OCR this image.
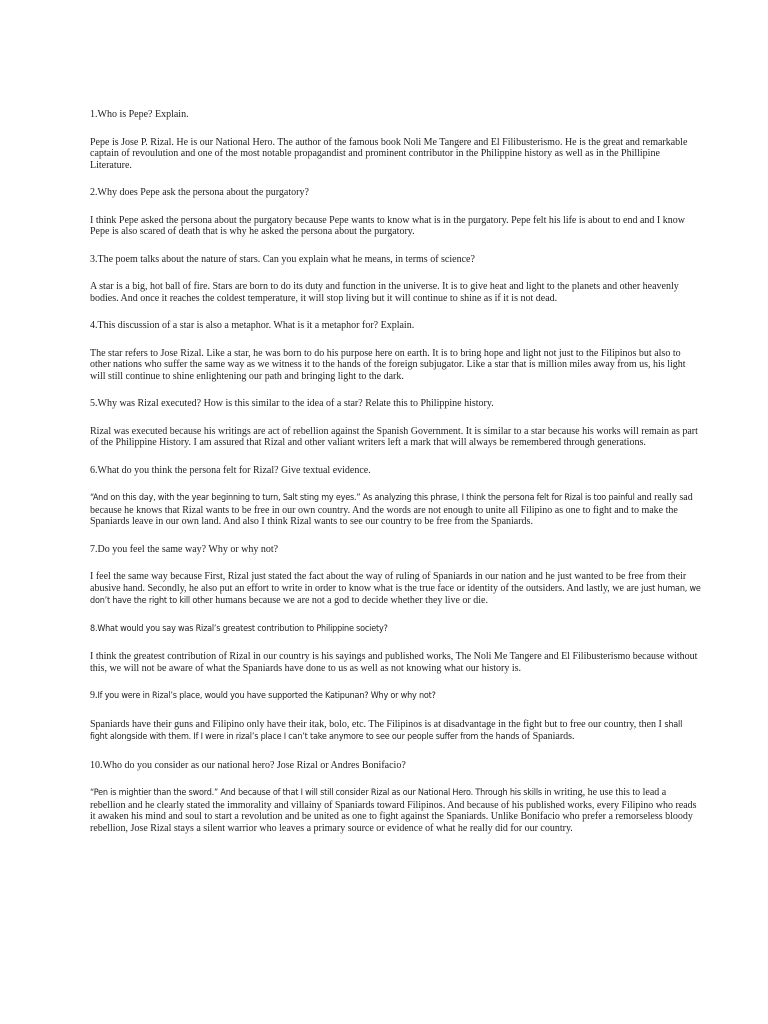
1.Who is Pepe? Explain.

Pepe is Jose P. Rizal. He is our National Hero. The author of the famous book Noli Me Tangere and El Filibusterismo. He is the great and remarkable captain of revoulution and one of the most notable propagandist and prominent contributor in the Philippine history as well as in the Phillipine Literature.

2.Why does Pepe ask the persona about the purgatory?

I think Pepe asked the persona about the purgatory because Pepe wants to know what is in the purgatory. Pepe felt his life is about to end and I know Pepe is also scared of death that is why he asked the persona about the purgatory.

3.The poem talks about the nature of stars. Can you explain what he means, in terms of science?

A star is a big, hot ball of fire. Stars are born to do its duty and function in the universe. It is to give heat and light to the planets and other heavenly bodies. And once it reaches the coldest temperature, it will stop living but it will continue to shine as if it is not dead.

4.This discussion of a star is also a metaphor. What is it a metaphor for? Explain.

The star refers to Jose Rizal. Like a star, he was born to do his purpose here on earth. It is to bring hope and light not just to the Filipinos but also to other nations who suffer the same way as we witness it to the hands of the foreign subjugator. Like a star that is million miles away from us, his light will still continue to shine enlightening our path and bringing light to the dark.

5.Why was Rizal executed? How is this similar to the idea of a star? Relate this to Philippine history.

Rizal was executed because his writings are act of rebellion against the Spanish Government. It is similar to a star because his works will remain as part of the Philippine History. I am assured that Rizal and other valiant writers left a mark that will always be remembered through generations.

6.What do you think the persona felt for Rizal? Give textual evidence.

“And on this day, with the year beginning to turn, Salt sting my eyes.” As analyzing this phrase, I think the persona felt for Rizal is too painful and really sad because he knows that Rizal wants to be free in our own country. And the words are not enough to unite all Filipino as one to fight and to make the Spaniards leave in our own land. And also I think Rizal wants to see our country to be free from the Spaniards.

7.Do you feel the same way? Why or why not?

I feel the same way because First, Rizal just stated the fact about the way of ruling of Spaniards in our nation and he just wanted to be free from their abusive hand. Secondly, he also put an effort to write in order to know what is the true face or identity of the outsiders. And lastly, we are just human, we don’t have the right to kill other humans because we are not a god to decide whether they live or die.

8.What would you say was Rizal’s greatest contribution to Philippine society?

I think the greatest contribution of Rizal in our country is his sayings and published works, The Noli Me Tangere and El Filibusterismo because without this, we will not be aware of what the Spaniards have done to us as well as not knowing what our history is.

9.If you were in Rizal’s place, would you have supported the Katipunan? Why or why not?

Spaniards have their guns and Filipino only have their itak, bolo, etc. The Filipinos is at disadvantage in the fight but to free our country, then I shall fight alongside with them. If I were in rizal’s place I can’t take anymore to see our people suffer from the hands of Spaniards.

10.Who do you consider as our national hero? Jose Rizal or Andres Bonifacio?

“Pen is mightier than the sword.” And because of that I will still consider Rizal as our National Hero. Through his skills in writing, he use this to lead a rebellion and he clearly stated the immorality and villainy of Spaniards toward Filipinos. And because of his published works, every Filipino who reads it awaken his mind and soul to start a revolution and be united as one to fight against the Spaniards. Unlike Bonifacio who prefer a remorseless bloody rebellion, Jose Rizal stays a silent warrior who leaves a primary source or evidence of what he really did for our country.
